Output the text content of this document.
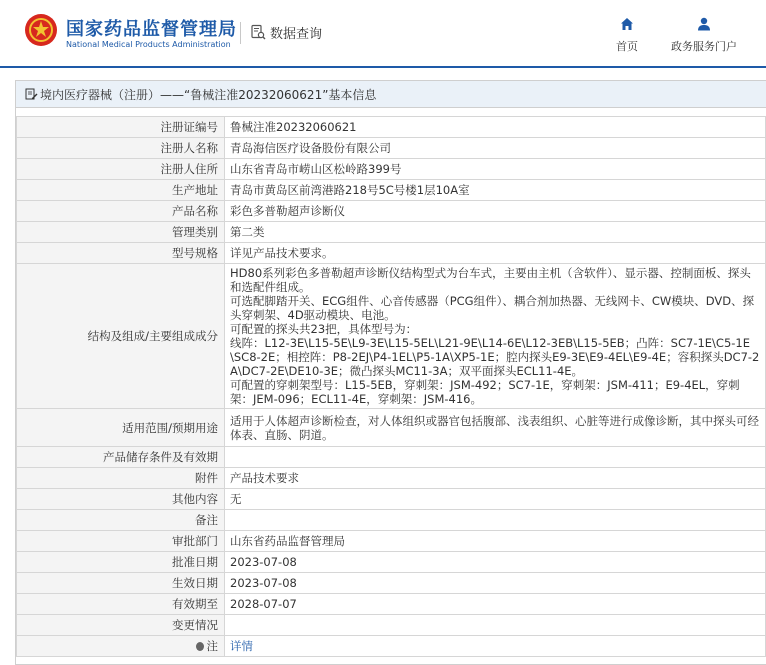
国家药品监督管理局
National Medical Products Administration
数据查询
首页	政务服务门户
境内医疗器械（注册）——“鲁械注准20232060621”基本信息
注册证编号	鲁械注准20232060621
注册人名称	青岛海信医疗设备股份有限公司
注册人住所	山东省青岛市崂山区松岭路399号
生产地址	青岛市黄岛区前湾港路218号5C号楼1层10A室
产品名称	彩色多普勒超声诊断仪
管理类别	第二类
型号规格	详见产品技术要求。
结构及组成/主要组成成分	HD80系列彩色多普勒超声诊断仪结构型式为台车式，主要由主机（含软件）、显示器、控制面板、探头和选配件组成。
可选配脚踏开关、ECG组件、心音传感器（PCG组件）、耦合剂加热器、无线网卡、CW模块、DVD、探头穿刺架、4D驱动模块、电池。
可配置的探头共23把，具体型号为：
线阵：L12-3E\L15-5E\L9-3E\L15-5EL\L21-9E\L14-6E\L12-3EB\L15-5EB；凸阵：SC7-1E\C5-1E\SC8-2E；相控阵：P8-2EJ\P4-1EL\P5-1A\XP5-1E；腔内探头E9-3E\E9-4EL\E9-4E；容积探头DC7-2A\DC7-2E\DE10-3E；微凸探头MC11-3A；双平面探头ECL11-4E。
可配置的穿刺架型号：L15-5EB，穿刺架：JSM-492；SC7-1E，穿刺架：JSM-411；E9-4EL，穿刺架：JEM-096；ECL11-4E，穿刺架：JSM-416。

适用范围/预期用途	适用于人体超声诊断检查，对人体组织或器官包括腹部、浅表组织、心脏等进行成像诊断，其中探头可经体表、直肠、阴道。
产品储存条件及有效期	
附件	产品技术要求
其他内容	无
备注	
审批部门	山东省药品监督管理局
批准日期	2023-07-08
生效日期	2023-07-08
有效期至	2028-07-07
变更情况	
注	详情
